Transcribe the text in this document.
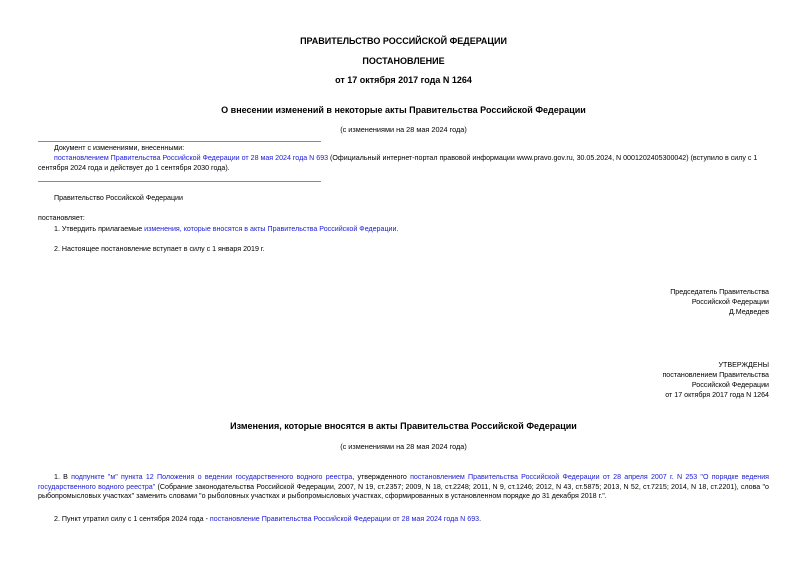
ПРАВИТЕЛЬСТВО РОССИЙСКОЙ ФЕДЕРАЦИИ
ПОСТАНОВЛЕНИЕ
от 17 октября 2017 года N 1264
О внесении изменений в некоторые акты Правительства Российской Федерации
(с изменениями на 28 мая 2024 года)
Документ с изменениями, внесенными:
постановлением Правительства Российской Федерации от 28 мая 2024 года N 693 (Официальный интернет-портал правовой информации www.pravo.gov.ru, 30.05.2024, N 0001202405300042) (вступило в силу с 1
сентября 2024 года и действует до 1 сентября 2030 года).
Правительство Российской Федерации
постановляет:
1. Утвердить прилагаемые изменения, которые вносятся в акты Правительства Российской Федерации.
2. Настоящее постановление вступает в силу с 1 января 2019 г.
Председатель Правительства
Российской Федерации
Д.Медведев
УТВЕРЖДЕНЫ
постановлением Правительства
Российской Федерации
от 17 октября 2017 года N 1264
Изменения, которые вносятся в акты Правительства Российской Федерации
(с изменениями на 28 мая 2024 года)
1. В подпункте "м" пункта 12 Положения о ведении государственного водного реестра, утвержденного постановлением Правительства Российской Федерации от 28 апреля 2007 г. N 253 "О порядке ведения государственного водного реестра" (Собрание законодательства Российской Федерации, 2007, N 19, ст.2357; 2009, N 18, ст.2248; 2011, N 9, ст.1246; 2012, N 43, ст.5875; 2013, N 52, ст.7215; 2014, N 18, ст.2201), слова "о рыбопромысловых участках" заменить словами "о рыболовных участках и рыбопромысловых участках, сформированных в установленном порядке до 31 декабря 2018 г.".
2. Пункт утратил силу с 1 сентября 2024 года - постановление Правительства Российской Федерации от 28 мая 2024 года N 693.
